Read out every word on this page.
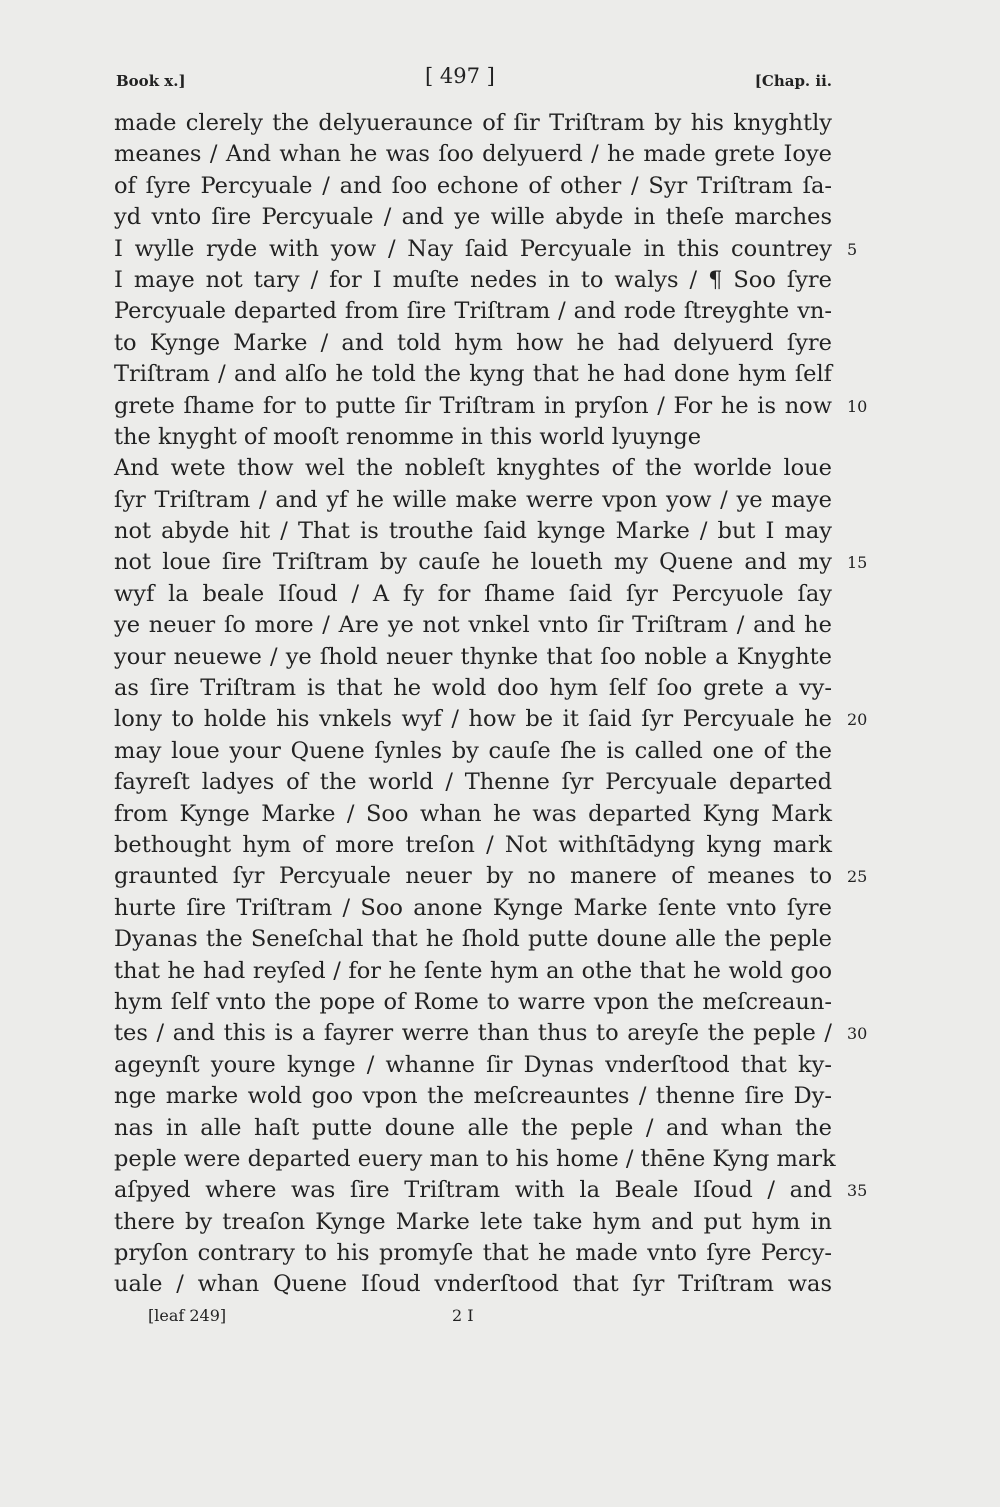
Book x.]	[ 497 ]	[Chap. ii.
made clerely the delyueraunce of ſir Triſtram by his knyghtly
meanes / And whan he was ſoo delyuerd / he made grete Ioye
of ſyre Percyuale / and ſoo echone of other / Syr Triſtram ſa-
yd vnto ſire Percyuale / and ye wille abyde in theſe marches
I wylle ryde with yow / Nay ſaid Percyuale in this countrey 5
I maye not tary / for I muſte nedes in to walys / ¶ Soo ſyre
Percyuale departed from ſire Triſtram / and rode ſtreyghte vn-
to Kynge Marke / and told hym how he had delyuerd ſyre
Triſtram / and alſo he told the kyng that he had done hym ſelf
grete ſhame for to putte ſir Triſtram in pryſon / For he is now 10
the knyght of mooſt renomme in this world lyuynge
And wete thow wel the nobleſt knyghtes of the worlde loue
ſyr Triſtram / and yf he wille make werre vpon yow / ye maye
not abyde hit / That is trouthe ſaid kynge Marke / but I may
not loue ſire Triſtram by cauſe he loueth my Quene and my 15
wyf la beale Iſoud / A fy for ſhame ſaid ſyr Percyuole ſay
ye neuer ſo more / Are ye not vnkel vnto ſir Triſtram / and he
your neuewe / ye ſhold neuer thynke that ſoo noble a Knyghte
as ſire Triſtram is that he wold doo hym ſelf ſoo grete a vy-
lony to holde his vnkels wyf / how be it ſaid ſyr Percyuale he 20
may loue your Quene ſynles by cauſe ſhe is called one of the
fayreſt ladyes of the world / Thenne ſyr Percyuale departed
from Kynge Marke / Soo whan he was departed Kyng Mark
bethought hym of more treſon / Not withſtādyng kyng mark
graunted ſyr Percyuale neuer by no manere of meanes to 25
hurte ſire Triſtram / Soo anone Kynge Marke ſente vnto ſyre
Dyanas the Seneſchal that he ſhold putte doune alle the peple
that he had reyſed / for he ſente hym an othe that he wold goo
hym ſelf vnto the pope of Rome to warre vpon the meſcreaun-
tes / and this is a fayrer werre than thus to areyſe the peple / 30
ageynſt youre kynge / whanne ſir Dynas vnderſtood that ky-
nge marke wold goo vpon the meſcreauntes / thenne ſire Dy-
nas in alle haſt putte doune alle the peple / and whan the
peple were departed euery man to his home / thēne Kyng mark
aſpyed where was ſire Triſtram with la Beale Iſoud / and 35
there by treaſon Kynge Marke lete take hym and put hym in
pryſon contrary to his promyſe that he made vnto ſyre Percy-
uale / whan Quene Iſoud vnderſtood that ſyr Triſtram was
[leaf 249]	2 I
